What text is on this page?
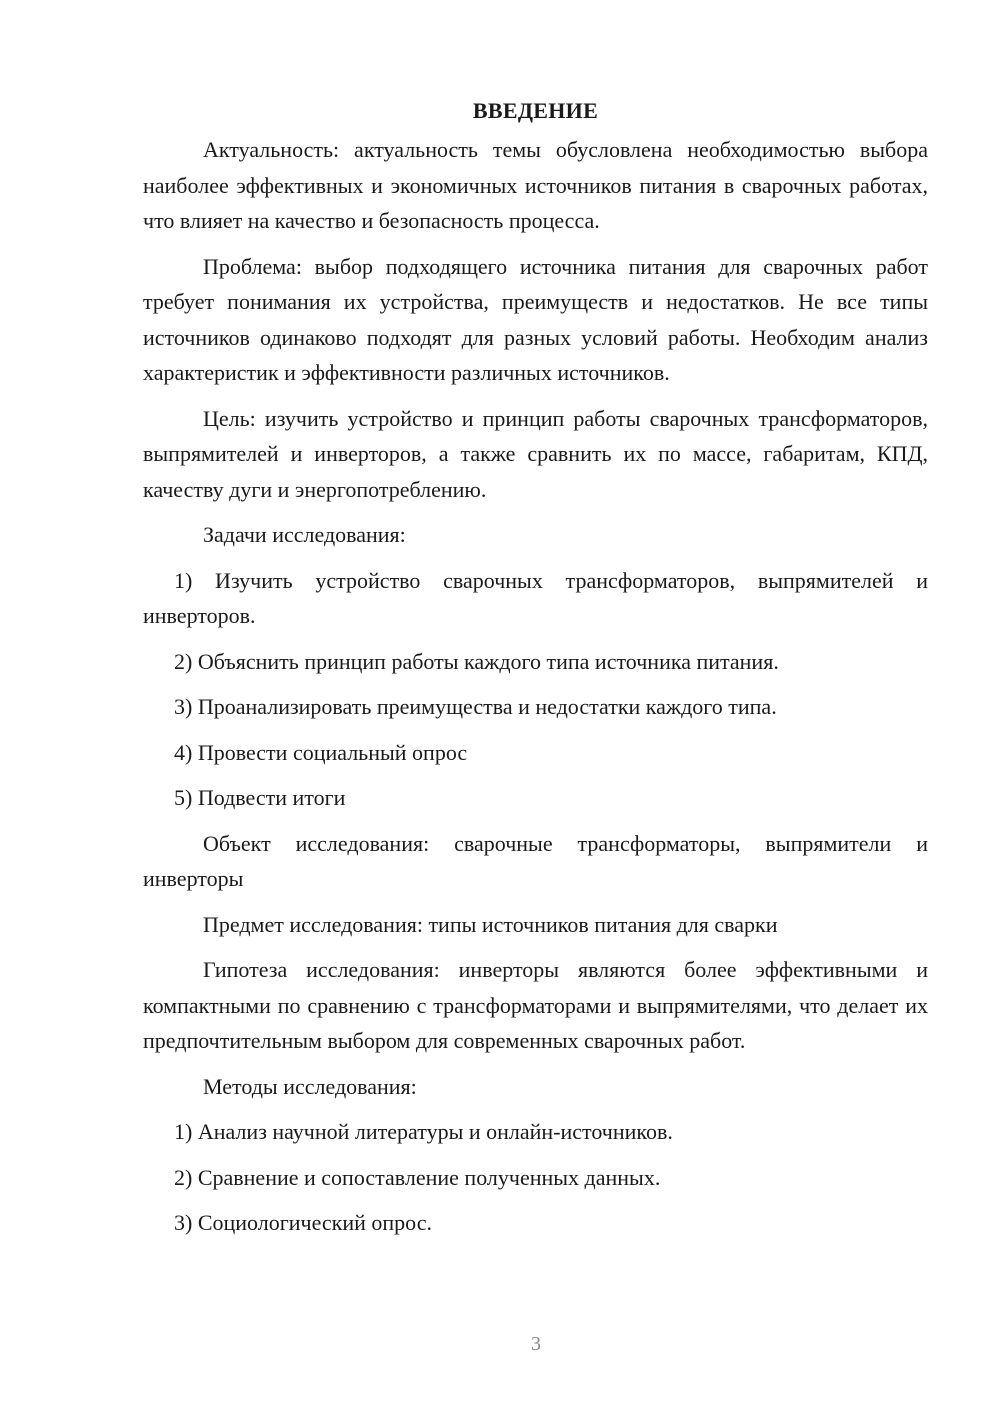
ВВЕДЕНИЕ

Актуальность: актуальность темы обусловлена необходимостью выбора наиболее эффективных и экономичных источников питания в сварочных работах, что влияет на качество и безопасность процесса.

Проблема: выбор подходящего источника питания для сварочных работ требует понимания их устройства, преимуществ и недостатков. Не все типы источников одинаково подходят для разных условий работы. Необходим анализ характеристик и эффективности различных источников.

Цель: изучить устройство и принцип работы сварочных трансформаторов, выпрямителей и инверторов, а также сравнить их по массе, габаритам, КПД, качеству дуги и энергопотреблению.

Задачи исследования:

1) Изучить устройство сварочных трансформаторов, выпрямителей и инверторов.

2) Объяснить принцип работы каждого типа источника питания.

3) Проанализировать преимущества и недостатки каждого типа.

4) Провести социальный опрос

5) Подвести итоги

Объект исследования: сварочные трансформаторы, выпрямители и инверторы

Предмет исследования: типы источников питания для сварки

Гипотеза исследования: инверторы являются более эффективными и компактными по сравнению с трансформаторами и выпрямителями, что делает их предпочтительным выбором для современных сварочных работ.

Методы исследования:

1) Анализ научной литературы и онлайн-источников.

2) Сравнение и сопоставление полученных данных.

3) Социологический опрос.

3
